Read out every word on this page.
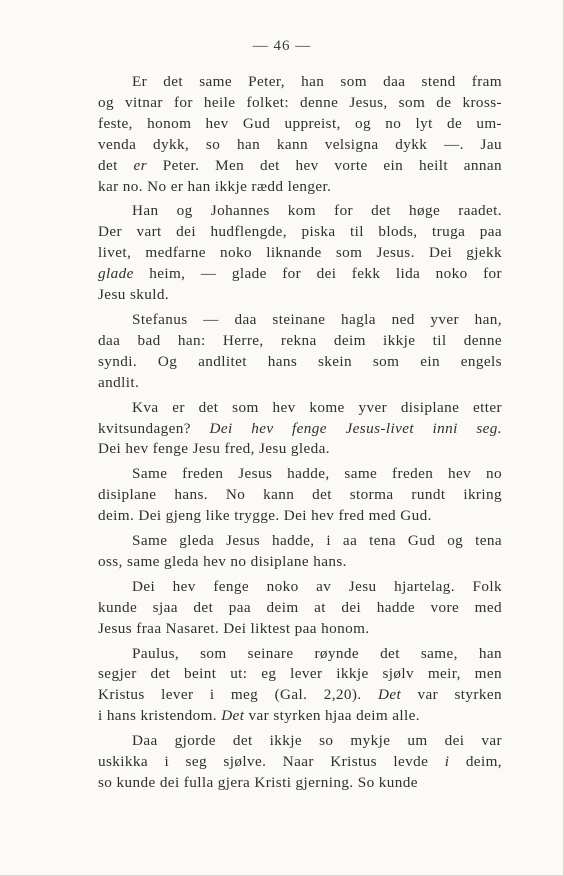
— 46 —
Er det same Peter, han som daa stend fram
og vitnar for heile folket: denne Jesus, som de kross-
feste, honom hev Gud uppreist, og no lyt de um-
venda dykk, so han kann velsigna dykk —. Jau
det er Peter. Men det hev vorte ein heilt annan
kar no. No er han ikkje rædd lenger.
Han og Johannes kom for det høge raadet.
Der vart dei hudflengde, piska til blods, truga paa
livet, medfarne noko liknande som Jesus. Dei gjekk
glade heim, — glade for dei fekk lida noko for
Jesu skuld.
Stefanus — daa steinane hagla ned yver han,
daa bad han: Herre, rekna deim ikkje til denne
syndi. Og andlitet hans skein som ein engels
andlit.
Kva er det som hev kome yver disiplane etter
kvitsundagen? Dei hev fenge Jesus-livet inni seg.
Dei hev fenge Jesu fred, Jesu gleda.
Same freden Jesus hadde, same freden hev no
disiplane hans. No kann det storma rundt ikring
deim. Dei gjeng like trygge. Dei hev fred med Gud.
Same gleda Jesus hadde, i aa tena Gud og tena
oss, same gleda hev no disiplane hans.
Dei hev fenge noko av Jesu hjartelag. Folk
kunde sjaa det paa deim at dei hadde vore med
Jesus fraa Nasaret. Dei liktest paa honom.
Paulus, som seinare røynde det same, han
segjer det beint ut: eg lever ikkje sjølv meir, men
Kristus lever i meg (Gal. 2,20). Det var styrken
i hans kristendom. Det var styrken hjaa deim alle.
Daa gjorde det ikkje so mykje um dei var
uskikka i seg sjølve. Naar Kristus levde i deim,
so kunde dei fulla gjera Kristi gjerning. So kunde
